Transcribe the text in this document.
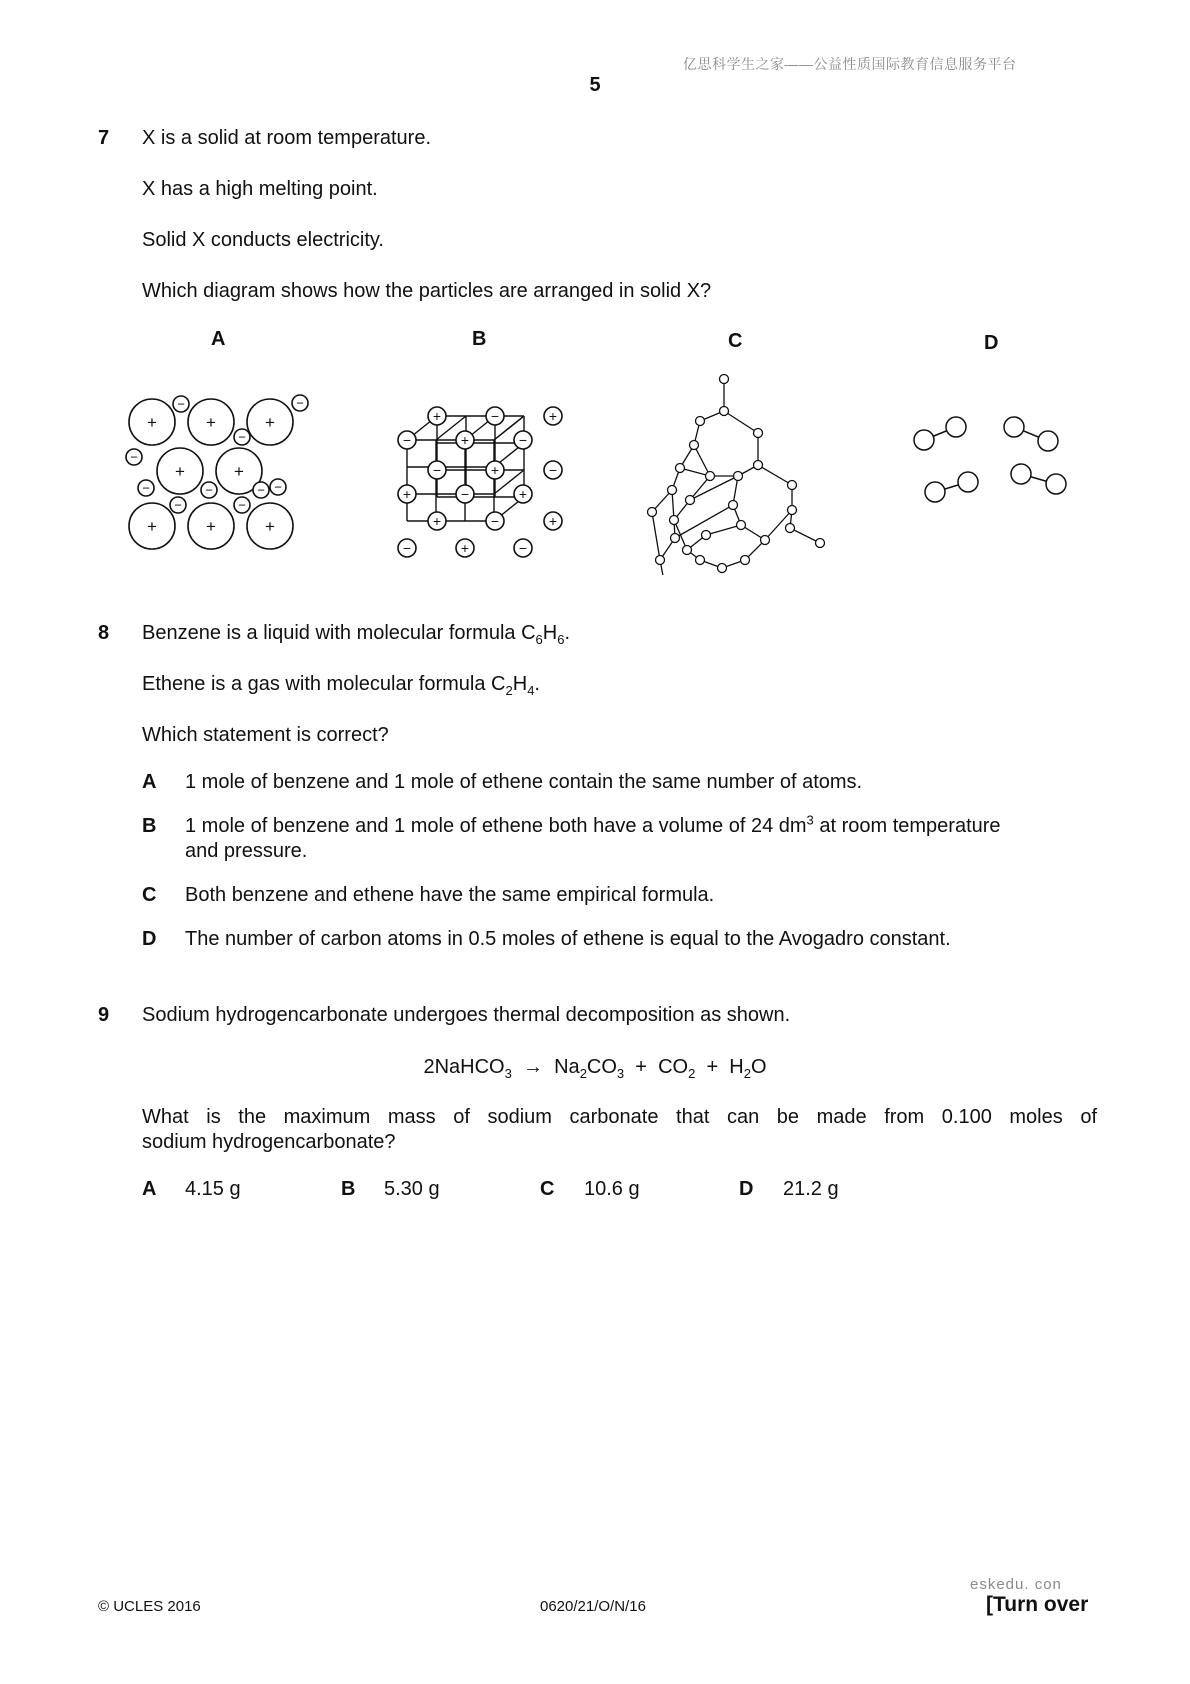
亿思科学生之家——公益性质国际教育信息服务平台
5
7 X is a solid at room temperature.
X has a high melting point.
Solid X conducts electricity.
Which diagram shows how the particles are arranged in solid X?
A	B	C	D
+	+	+
+	+
+	+	+
−	−
−
−
−
−	−	−
−	−
+	−	+
−	+	−
−	+	−
+	−	+
+	−	+
−	+	−
8 Benzene is a liquid with molecular formula $C_6H_6$.
Ethene is a gas with molecular formula $C_2H_4$.
Which statement is correct?
A 1 mole of benzene and 1 mole of ethene contain the same number of atoms.
B 1 mole of benzene and 1 mole of ethene both have a volume of 24 $dm^3$ at room temperature
and pressure.
C Both benzene and ethene have the same empirical formula.
D The number of carbon atoms in 0.5 moles of ethene is equal to the Avogadro constant.
9 Sodium hydrogencarbonate undergoes thermal decomposition as shown.
2NaHCO$_3$ → $Na_2CO_3 + CO_2 + H_2O$
What is the maximum mass of sodium carbonate that can be made from 0.100 moles of
sodium hydrogencarbonate?
A 4.15 g	B 5.30 g	C 10.6 g	D 21.2 g
eskedu. con
© UCLES 2016	0620/21/O/N/16	[Turn over
